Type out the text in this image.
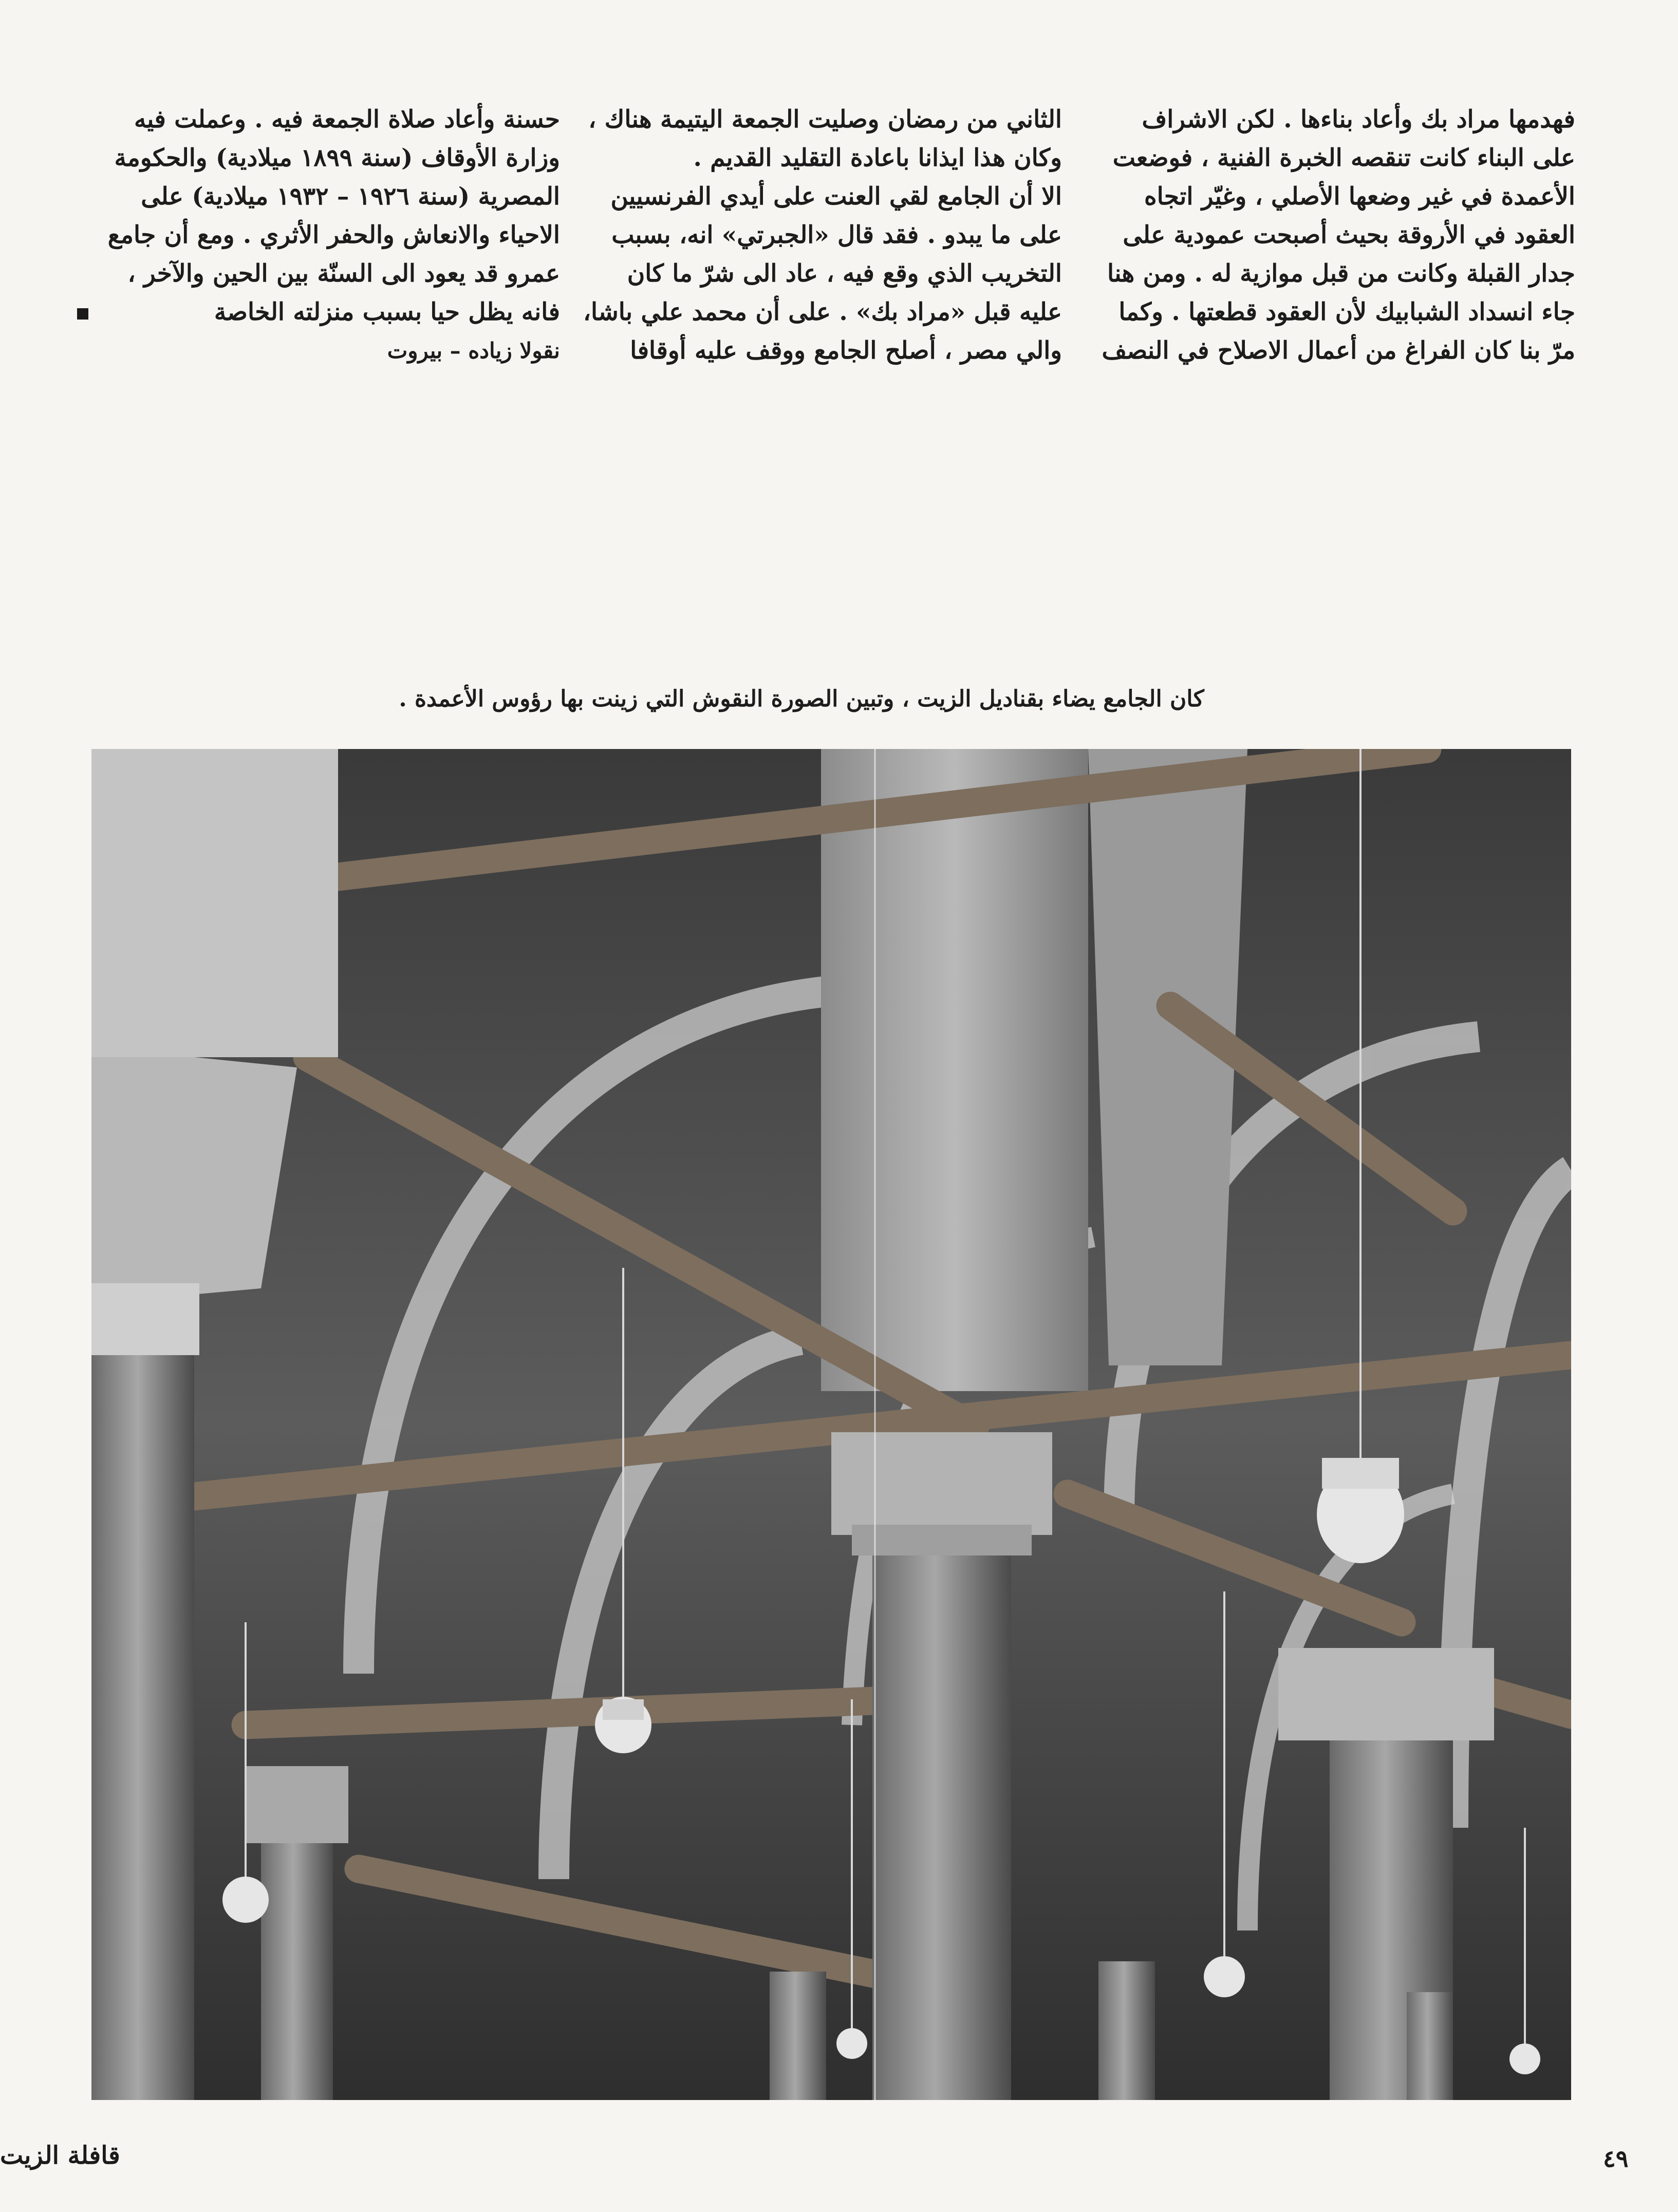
فهدمها مراد بك وأعاد بناءها . لكن الاشراف
على البناء كانت تنقصه الخبرة الفنية ، فوضعت
الأعمدة في غير وضعها الأصلي ، وغيّر اتجاه
العقود في الأروقة بحيث أصبحت عمودية على
جدار القبلة وكانت من قبل موازية له . ومن هنا
جاء انسداد الشبابيك لأن العقود قطعتها . وكما
مرّ بنا كان الفراغ من أعمال الاصلاح في النصف
الثاني من رمضان وصليت الجمعة اليتيمة هناك ،
وكان هذا ايذانا باعادة التقليد القديم .
الا أن الجامع لقي العنت على أيدي الفرنسيين
على ما يبدو . فقد قال «الجبرتي» انه، بسبب
التخريب الذي وقع فيه ، عاد الى شرّ ما كان
عليه قبل «مراد بك» . على أن محمد علي باشا،
والي مصر ، أصلح الجامع ووقف عليه أوقافا
حسنة وأعاد صلاة الجمعة فيه . وعملت فيه
وزارة الأوقاف (سنة ١٨٩٩ ميلادية) والحكومة
المصرية (سنة ١٩٢٦ – ١٩٣٢ ميلادية) على
الاحياء والانعاش والحفر الأثري . ومع أن جامع
عمرو قد يعود الى السنّة بين الحين والآخر ،
فانه يظل حيا بسبب منزلته الخاصة
نقولا زياده – بيروت
كان الجامع يضاء بقناديل الزيت ، وتبين الصورة النقوش التي زينت بها رؤوس الأعمدة .
٤٩
قافلة الزيت
